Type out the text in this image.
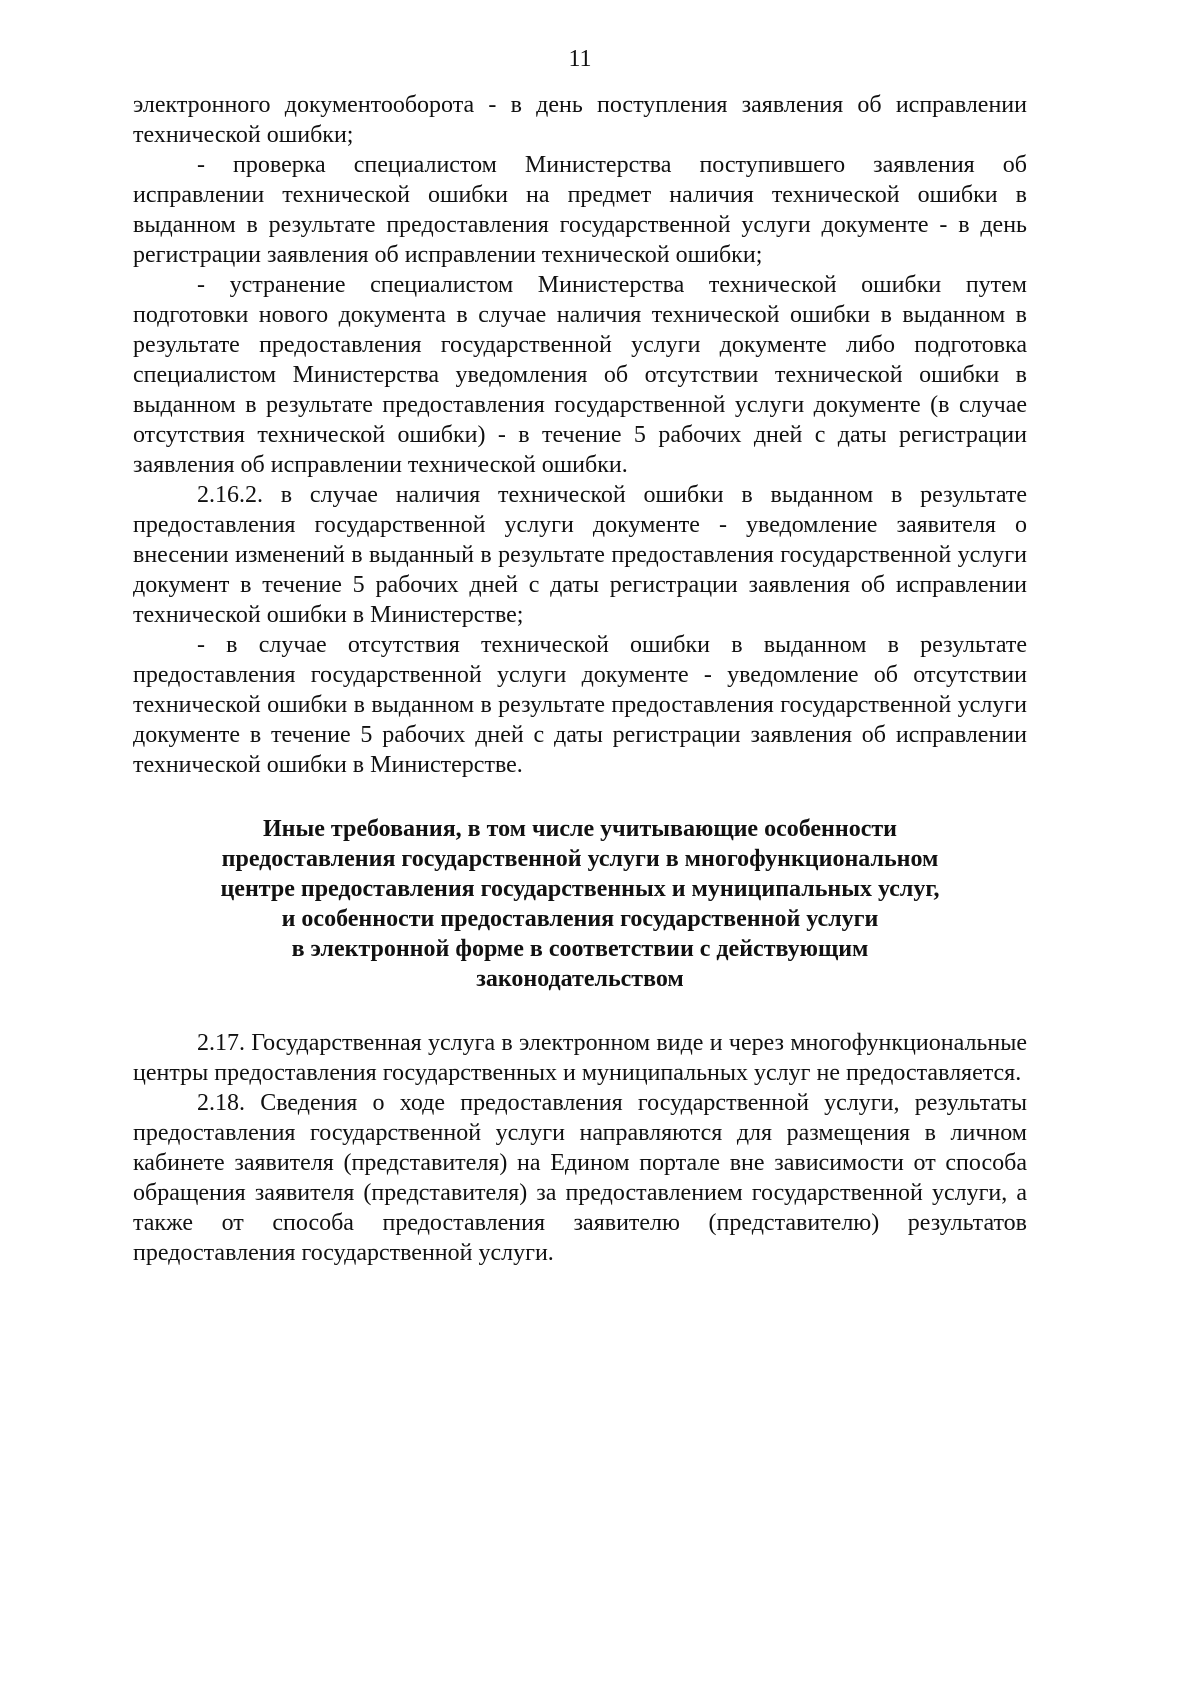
11

электронного документооборота - в день поступления заявления об исправлении технической ошибки;

- проверка специалистом Министерства поступившего заявления об исправлении технической ошибки на предмет наличия технической ошибки в выданном в результате предоставления государственной услуги документе - в день регистрации заявления об исправлении технической ошибки;

- устранение специалистом Министерства технической ошибки путем подготовки нового документа в случае наличия технической ошибки в выданном в результате предоставления государственной услуги документе либо подготовка специалистом Министерства уведомления об отсутствии технической ошибки в выданном в результате предоставления государственной услуги документе (в случае отсутствия технической ошибки) - в течение 5 рабочих дней с даты регистрации заявления об исправлении технической ошибки.

2.16.2. в случае наличия технической ошибки в выданном в результате предоставления государственной услуги документе - уведомление заявителя о внесении изменений в выданный в результате предоставления государственной услуги документ в течение 5 рабочих дней с даты регистрации заявления об исправлении технической ошибки в Министерстве;

- в случае отсутствия технической ошибки в выданном в результате предоставления государственной услуги документе - уведомление об отсутствии технической ошибки в выданном в результате предоставления государственной услуги документе в течение 5 рабочих дней с даты регистрации заявления об исправлении технической ошибки в Министерстве.

Иные требования, в том числе учитывающие особенности

предоставления государственной услуги в многофункциональном

центре предоставления государственных и муниципальных услуг,

и особенности предоставления государственной услуги

в электронной форме в соответствии с действующим

законодательством

2.17. Государственная услуга в электронном виде и через многофункциональные центры предоставления государственных и муниципальных услуг не предоставляется.

2.18. Сведения о ходе предоставления государственной услуги, результаты предоставления государственной услуги направляются для размещения в личном кабинете заявителя (представителя) на Едином портале вне зависимости от способа обращения заявителя (представителя) за предоставлением государственной услуги, а также от способа предоставления заявителю (представителю) результатов предоставления государственной услуги.
